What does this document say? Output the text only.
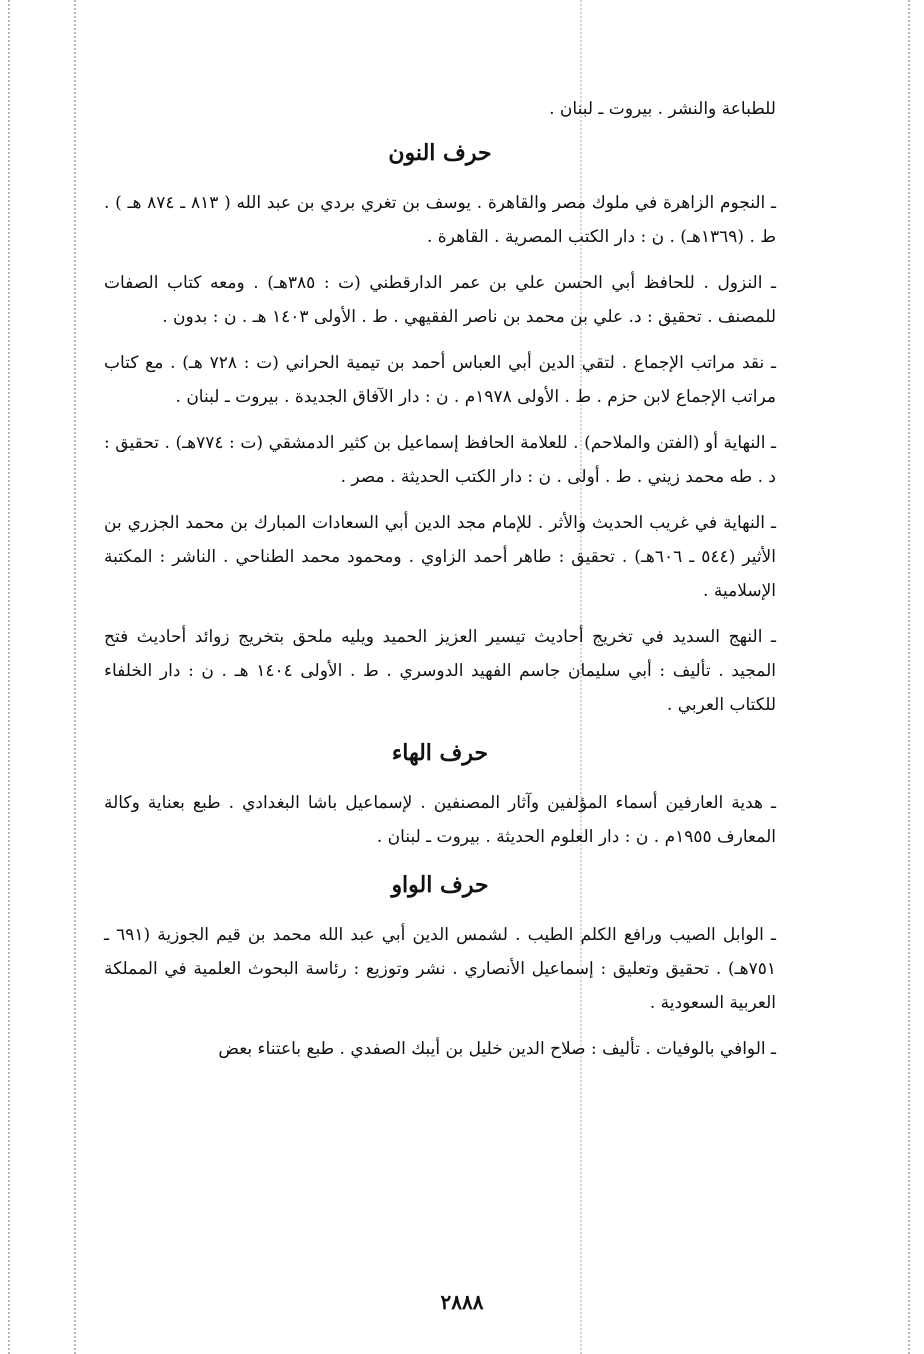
للطباعة والنشر . بيروت ـ لبنان .

حرف النون

ـ النجوم الزاهرة في ملوك مصر والقاهرة . يوسف بن تغري بردي بن عبد الله ( ٨١٣ ـ ٨٧٤ هـ ) . ط . (١٣٦٩هـ) . ن : دار الكتب المصرية . القاهرة .

ـ النزول . للحافظ أبي الحسن علي بن عمر الدارقطني (ت : ٣٨٥هـ) . ومعه كتاب الصفات للمصنف . تحقيق : د. علي بن محمد بن ناصر الفقيهي . ط . الأولى ١٤٠٣ هـ . ن : بدون .

ـ نقد مراتب الإجماع . لتقي الدين أبي العباس أحمد بن تيمية الحراني (ت : ٧٢٨ هـ) . مع كتاب مراتب الإجماع لابن حزم . ط . الأولى ١٩٧٨م . ن : دار الآفاق الجديدة . بيروت ـ لبنان .

ـ النهاية أو (الفتن والملاحم) . للعلامة الحافظ إسماعيل بن كثير الدمشقي (ت : ٧٧٤هـ) . تحقيق : د . طه محمد زيني . ط . أولى . ن : دار الكتب الحديثة . مصر .

ـ النهاية في غريب الحديث والأثر . للإمام مجد الدين أبي السعادات المبارك بن محمد الجزري بن الأثير (٥٤٤ ـ ٦٠٦هـ) . تحقيق : طاهر أحمد الزاوي . ومحمود محمد الطناحي . الناشر : المكتبة الإسلامية .

ـ النهج السديد في تخريج أحاديث تيسير العزيز الحميد ويليه ملحق بتخريج زوائد أحاديث فتح المجيد . تأليف : أبي سليمان جاسم الفهيد الدوسري . ط . الأولى ١٤٠٤ هـ . ن : دار الخلفاء للكتاب العربي .

حرف الهاء

ـ هدية العارفين أسماء المؤلفين وآثار المصنفين . لإسماعيل باشا البغدادي . طبع بعناية وكالة المعارف ١٩٥٥م . ن : دار العلوم الحديثة . بيروت ـ لبنان .

حرف الواو

ـ الوابل الصيب ورافع الكلم الطيب . لشمس الدين أبي عبد الله محمد بن قيم الجوزية (٦٩١ ـ ٧٥١هـ) . تحقيق وتعليق : إسماعيل الأنصاري . نشر وتوزيع : رئاسة البحوث العلمية في المملكة العربية السعودية .

ـ الوافي بالوفيات . تأليف : صلاح الدين خليل بن أيبك الصفدي . طبع باعتناء بعض

٢٨٨٨
